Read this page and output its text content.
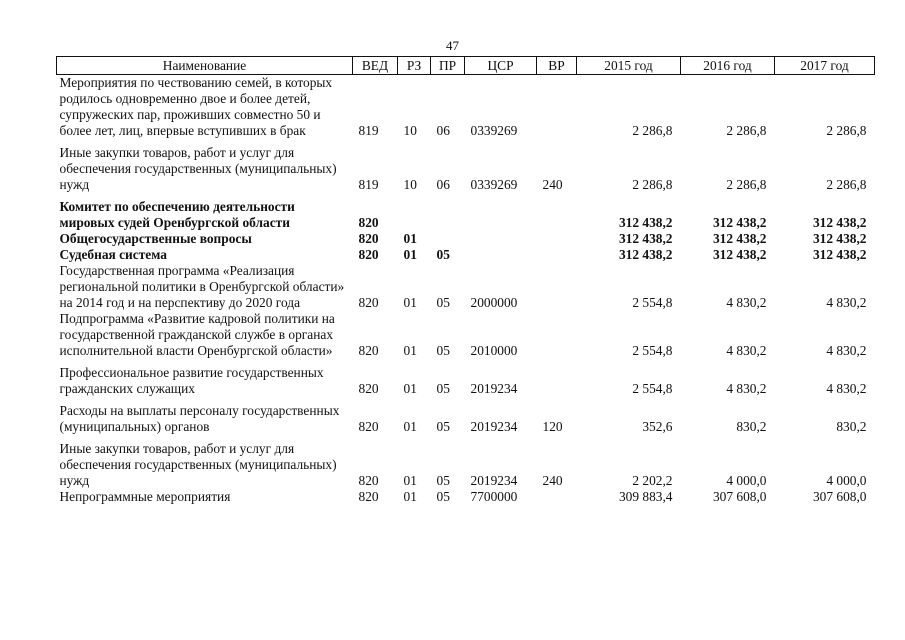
47
Наименование	ВЕД	РЗ	ПР	ЦСР	ВР	2015 год	2016 год	2017 год
Мероприятия по чествованию семей, в которых родилось одновременно двое и более детей, супружеских пар, проживших совместно 50 и более лет, лиц, впервые вступивших в брак	819	10	06	0339269		2 286,8	2 286,8	2 286,8
Иные закупки товаров, работ и услуг для обеспечения государственных (муниципальных) нужд	819	10	06	0339269	240	2 286,8	2 286,8	2 286,8
Комитет по обеспечению деятельности мировых судей Оренбургской области	820					312 438,2	312 438,2	312 438,2
Общегосударственные вопросы	820	01				312 438,2	312 438,2	312 438,2
Судебная система	820	01	05			312 438,2	312 438,2	312 438,2
Государственная программа «Реализация региональной политики в Оренбургской области» на 2014 год и на перспективу до 2020 года	820	01	05	2000000		2 554,8	4 830,2	4 830,2
Подпрограмма «Развитие кадровой политики на государственной гражданской службе в органах исполнительной власти Оренбургской области»	820	01	05	2010000		2 554,8	4 830,2	4 830,2
Профессиональное развитие государственных гражданских служащих	820	01	05	2019234		2 554,8	4 830,2	4 830,2
Расходы на выплаты персоналу государственных (муниципальных) органов	820	01	05	2019234	120	352,6	830,2	830,2
Иные закупки товаров, работ и услуг для обеспечения государственных (муниципальных) нужд	820	01	05	2019234	240	2 202,2	4 000,0	4 000,0
Непрограммные мероприятия	820	01	05	7700000		309 883,4	307 608,0	307 608,0
